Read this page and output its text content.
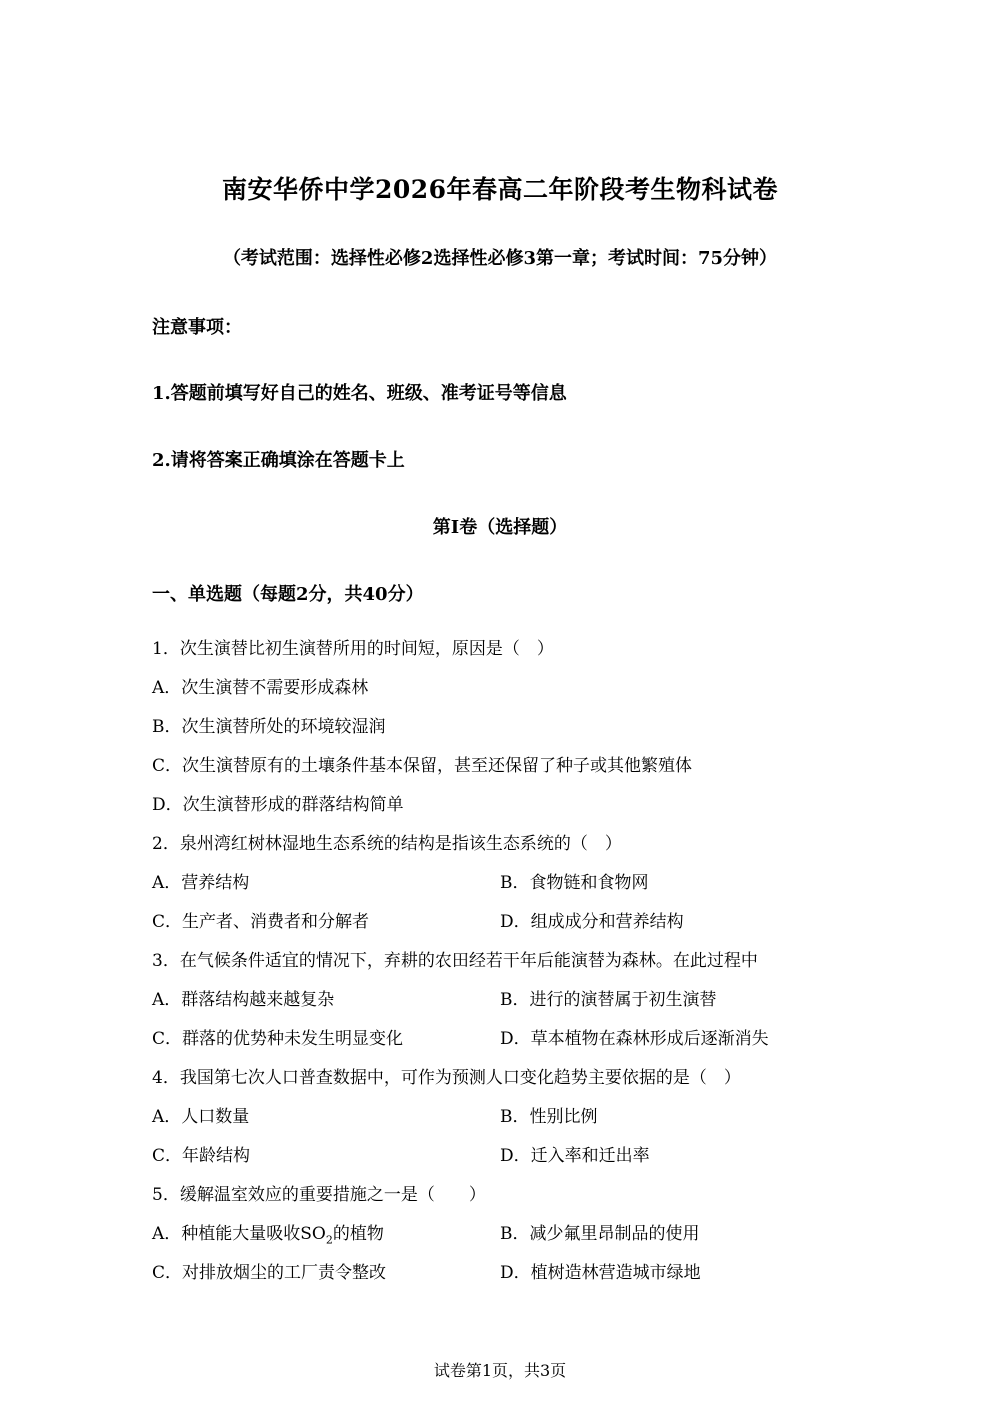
南安华侨中学2026年春高二年阶段考生物科试卷
（考试范围：选择性必修2选择性必修3第一章；考试时间：75分钟）
注意事项：
1.答题前填写好自己的姓名、班级、准考证号等信息
2.请将答案正确填涂在答题卡上
第I卷（选择题）
一、单选题（每题2分，共40分）
1．次生演替比初生演替所用的时间短，原因是（　）
A．次生演替不需要形成森林
B．次生演替所处的环境较湿润
C．次生演替原有的土壤条件基本保留，甚至还保留了种子或其他繁殖体
D．次生演替形成的群落结构简单
2．泉州湾红树林湿地生态系统的结构是指该生态系统的（　）
A．营养结构	B．食物链和食物网
C．生产者、消费者和分解者	D．组成成分和营养结构
3．在气候条件适宜的情况下，弃耕的农田经若干年后能演替为森林。在此过程中
A．群落结构越来越复杂	B．进行的演替属于初生演替
C．群落的优势种未发生明显变化	D．草本植物在森林形成后逐渐消失
4．我国第七次人口普查数据中，可作为预测人口变化趋势主要依据的是（　）
A．人口数量	B．性别比例
C．年龄结构	D．迁入率和迁出率
5．缓解温室效应的重要措施之一是（　　）
A．种植能大量吸收$SO_2$的植物	B．减少氟里昂制品的使用
C．对排放烟尘的工厂责令整改	D．植树造林营造城市绿地
试卷第1页，共3页
